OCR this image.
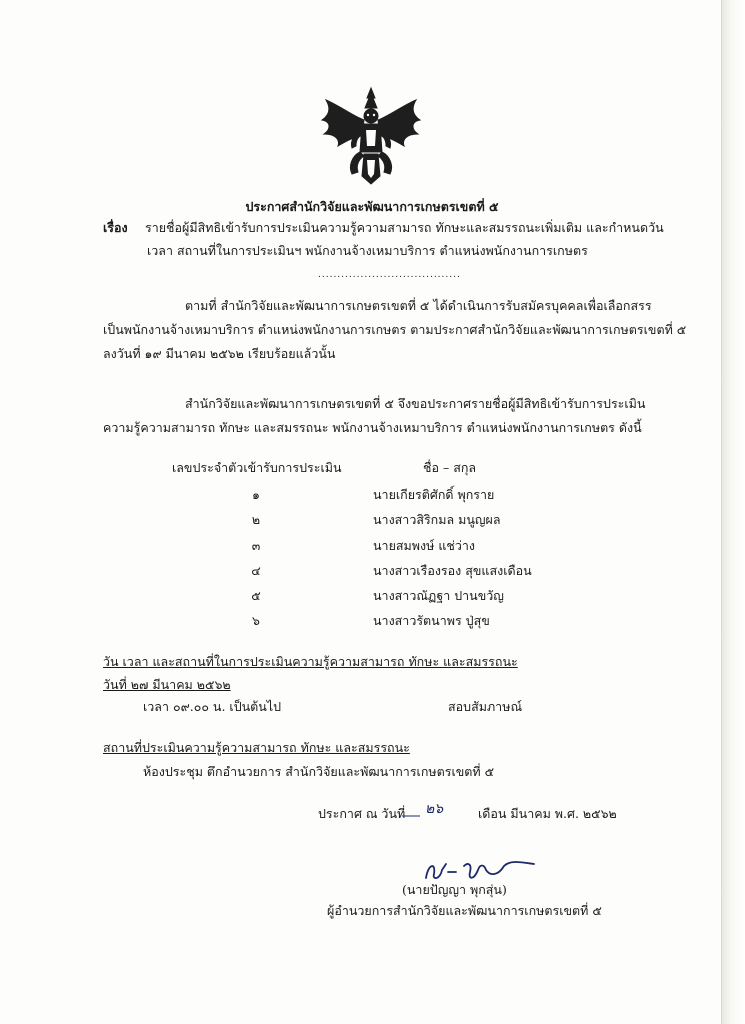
ประกาศสำนักวิจัยและพัฒนาการเกษตรเขตที่ ๕
เรื่อง รายชื่อผู้มีสิทธิเข้ารับการประเมินความรู้ความสามารถ ทักษะและสมรรถนะเพิ่มเติม และกำหนดวัน
เวลา สถานที่ในการประเมินฯ พนักงานจ้างเหมาบริการ ตำแหน่งพนักงานการเกษตร
.....................................
ตามที่ สำนักวิจัยและพัฒนาการเกษตรเขตที่ ๕ ได้ดำเนินการรับสมัครบุคคลเพื่อเลือกสรร
เป็นพนักงานจ้างเหมาบริการ ตำแหน่งพนักงานการเกษตร ตามประกาศสำนักวิจัยและพัฒนาการเกษตรเขตที่ ๕
ลงวันที่ ๑๙ มีนาคม ๒๕๖๒ เรียบร้อยแล้วนั้น
สำนักวิจัยและพัฒนาการเกษตรเขตที่ ๕ จึงขอประกาศรายชื่อผู้มีสิทธิเข้ารับการประเมิน
ความรู้ความสามารถ ทักษะ และสมรรถนะ พนักงานจ้างเหมาบริการ ตำแหน่งพนักงานการเกษตร ดังนี้
เลขประจำตัวเข้ารับการประเมิน	ชื่อ – สกุล
๑	นายเกียรติศักดิ์ พุกราย
๒	นางสาวสิริกมล มนูญผล
๓	นายสมพงษ์ แช่ว่าง
๔	นางสาวเรืองรอง สุขแสงเดือน
๕	นางสาวณัฏฐา ปานขวัญ
๖	นางสาวรัตนาพร ปู่สุข
วัน เวลา และสถานที่ในการประเมินความรู้ความสามารถ ทักษะ และสมรรถนะ
วันที่ ๒๗ มีนาคม ๒๕๖๒
เวลา ๐๙.๐๐ น. เป็นต้นไป	สอบสัมภาษณ์
สถานที่ประเมินความรู้ความสามารถ ทักษะ และสมรรถนะ
ห้องประชุม ตึกอำนวยการ สำนักวิจัยและพัฒนาการเกษตรเขตที่ ๕
ประกาศ ณ วันที่ ๒๖	เดือน มีนาคม พ.ศ. ๒๕๖๒
(นายปัญญา พุกสุ่น)
ผู้อำนวยการสำนักวิจัยและพัฒนาการเกษตรเขตที่ ๕
